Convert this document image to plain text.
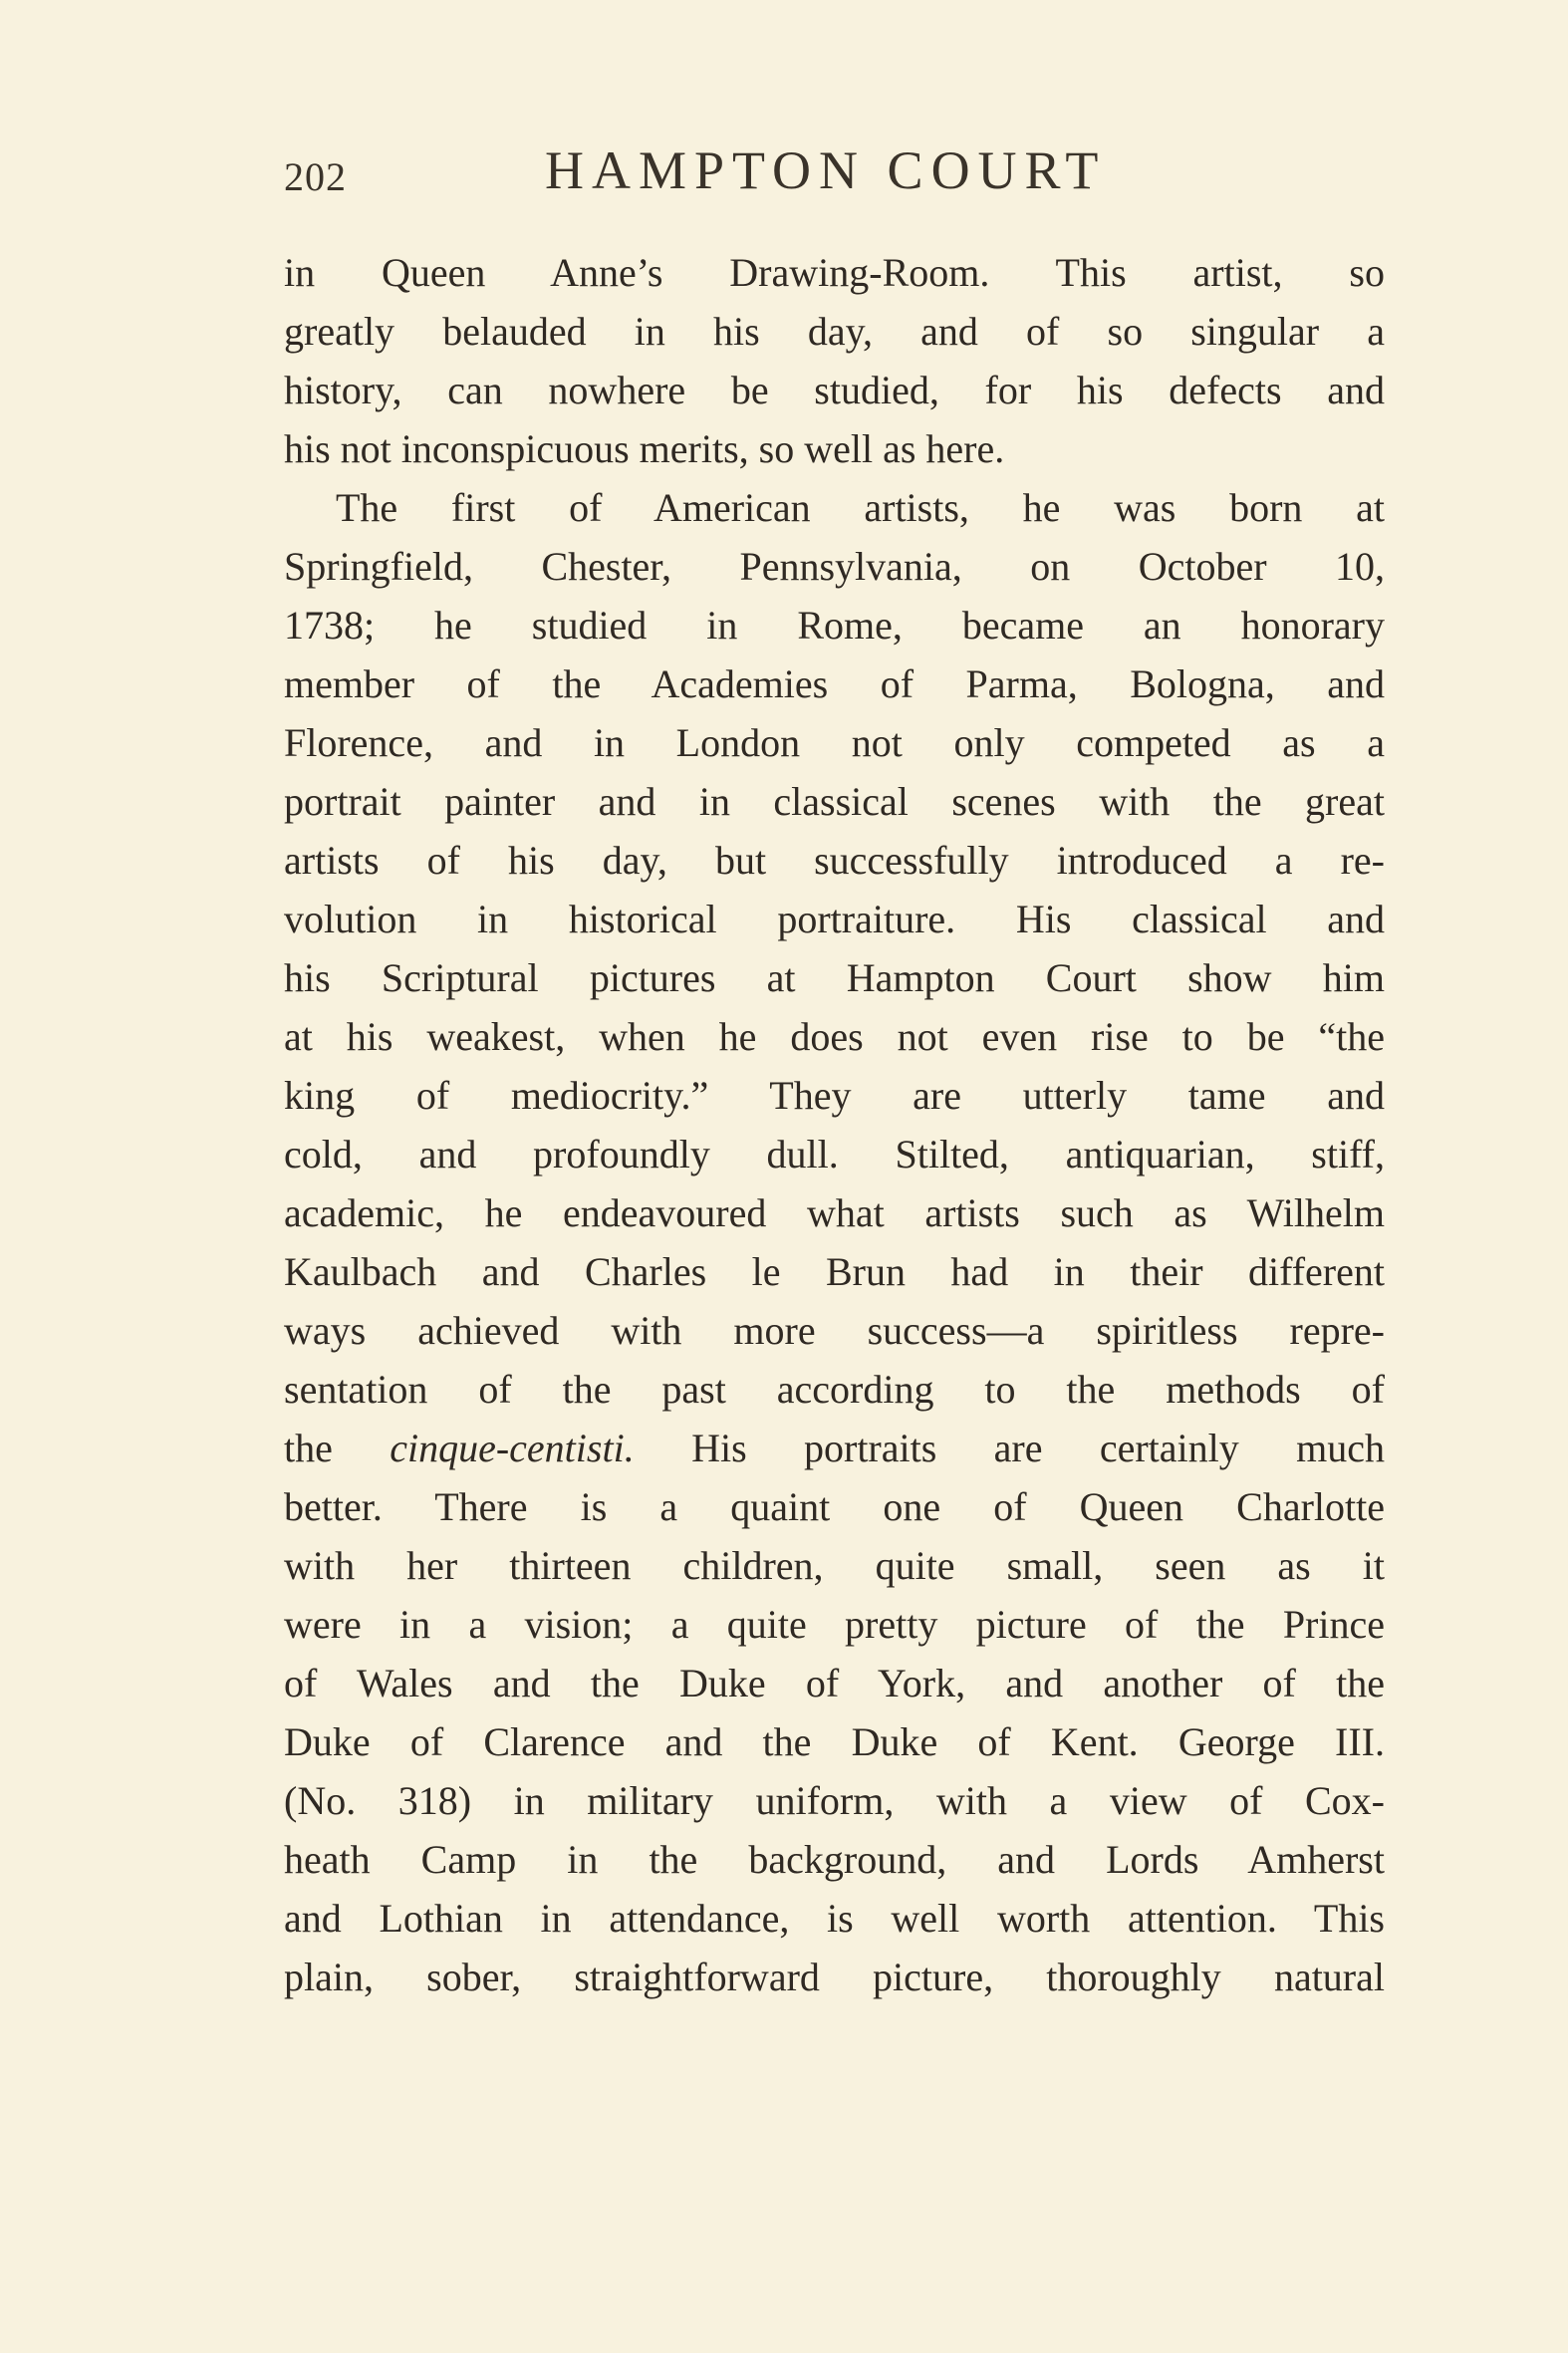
202	HAMPTON COURT
in Queen Anne’s Drawing-Room. This artist, so
greatly belauded in his day, and of so singular a
history, can nowhere be studied, for his defects and
his not inconspicuous merits, so well as here.
The first of American artists, he was born at
Springfield, Chester, Pennsylvania, on October 10,
1738; he studied in Rome, became an honorary
member of the Academies of Parma, Bologna, and
Florence, and in London not only competed as a
portrait painter and in classical scenes with the great
artists of his day, but successfully introduced a re-
volution in historical portraiture. His classical and
his Scriptural pictures at Hampton Court show him
at his weakest, when he does not even rise to be “the
king of mediocrity.” They are utterly tame and
cold, and profoundly dull. Stilted, antiquarian, stiff,
academic, he endeavoured what artists such as Wilhelm
Kaulbach and Charles le Brun had in their different
ways achieved with more success—a spiritless repre-
sentation of the past according to the methods of
the cinque-centisti. His portraits are certainly much
better. There is a quaint one of Queen Charlotte
with her thirteen children, quite small, seen as it
were in a vision; a quite pretty picture of the Prince
of Wales and the Duke of York, and another of the
Duke of Clarence and the Duke of Kent. George III.
(No. 318) in military uniform, with a view of Cox-
heath Camp in the background, and Lords Amherst
and Lothian in attendance, is well worth attention. This
plain, sober, straightforward picture, thoroughly natural
